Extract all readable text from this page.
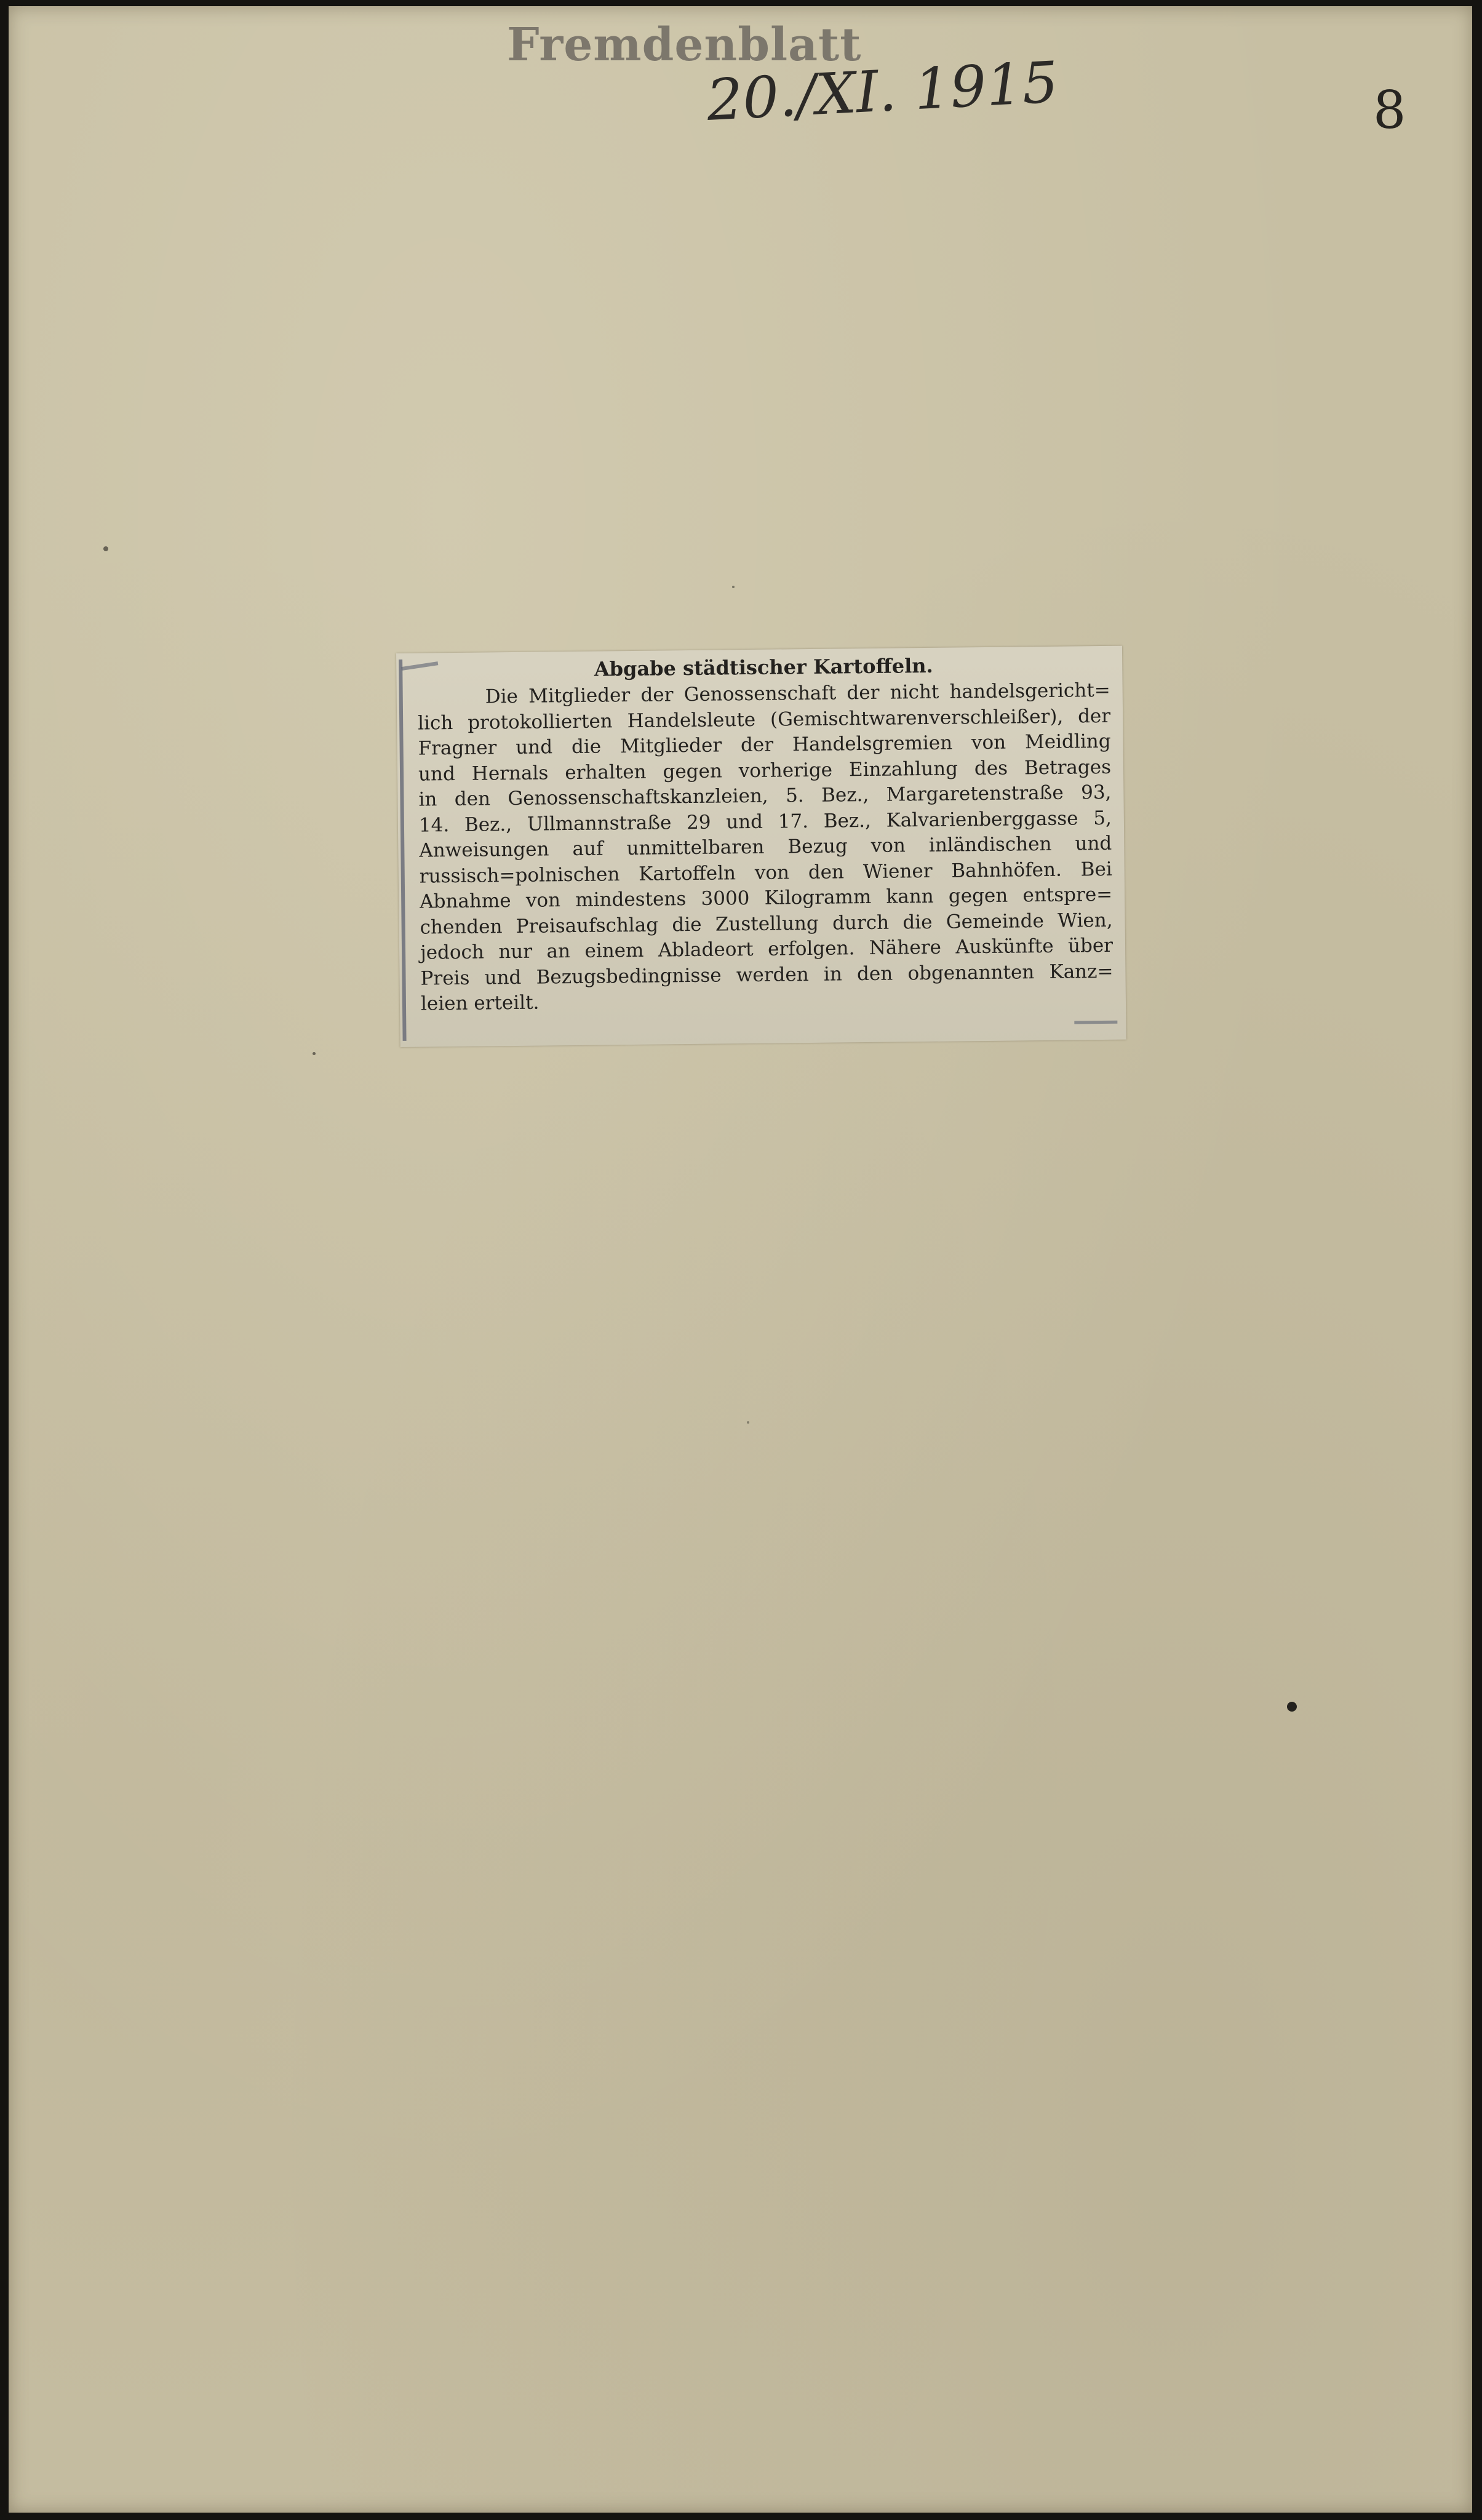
Fremdenblatt
20./XI. 1915	8
Abgabe städtischer Kartoffeln.
Die Mitglieder der Genossenschaft der nicht handelsgericht=
lich protokollierten Handelsleute (Gemischtwarenverschleißer), der
Fragner und die Mitglieder der Handelsgremien von Meidling
und Hernals erhalten gegen vorherige Einzahlung des Betrages
in den Genossenschaftskanzleien, 5. Bez., Margaretenstraße 93,
14. Bez., Ullmannstraße 29 und 17. Bez., Kalvarienberggasse 5,
Anweisungen auf unmittelbaren Bezug von inländischen und
russisch=polnischen Kartoffeln von den Wiener Bahnhöfen. Bei
Abnahme von mindestens 3000 Kilogramm kann gegen entspre=
chenden Preisaufschlag die Zustellung durch die Gemeinde Wien,
jedoch nur an einem Abladeort erfolgen. Nähere Auskünfte über
Preis und Bezugsbedingnisse werden in den obgenannten Kanz=
leien erteilt.
